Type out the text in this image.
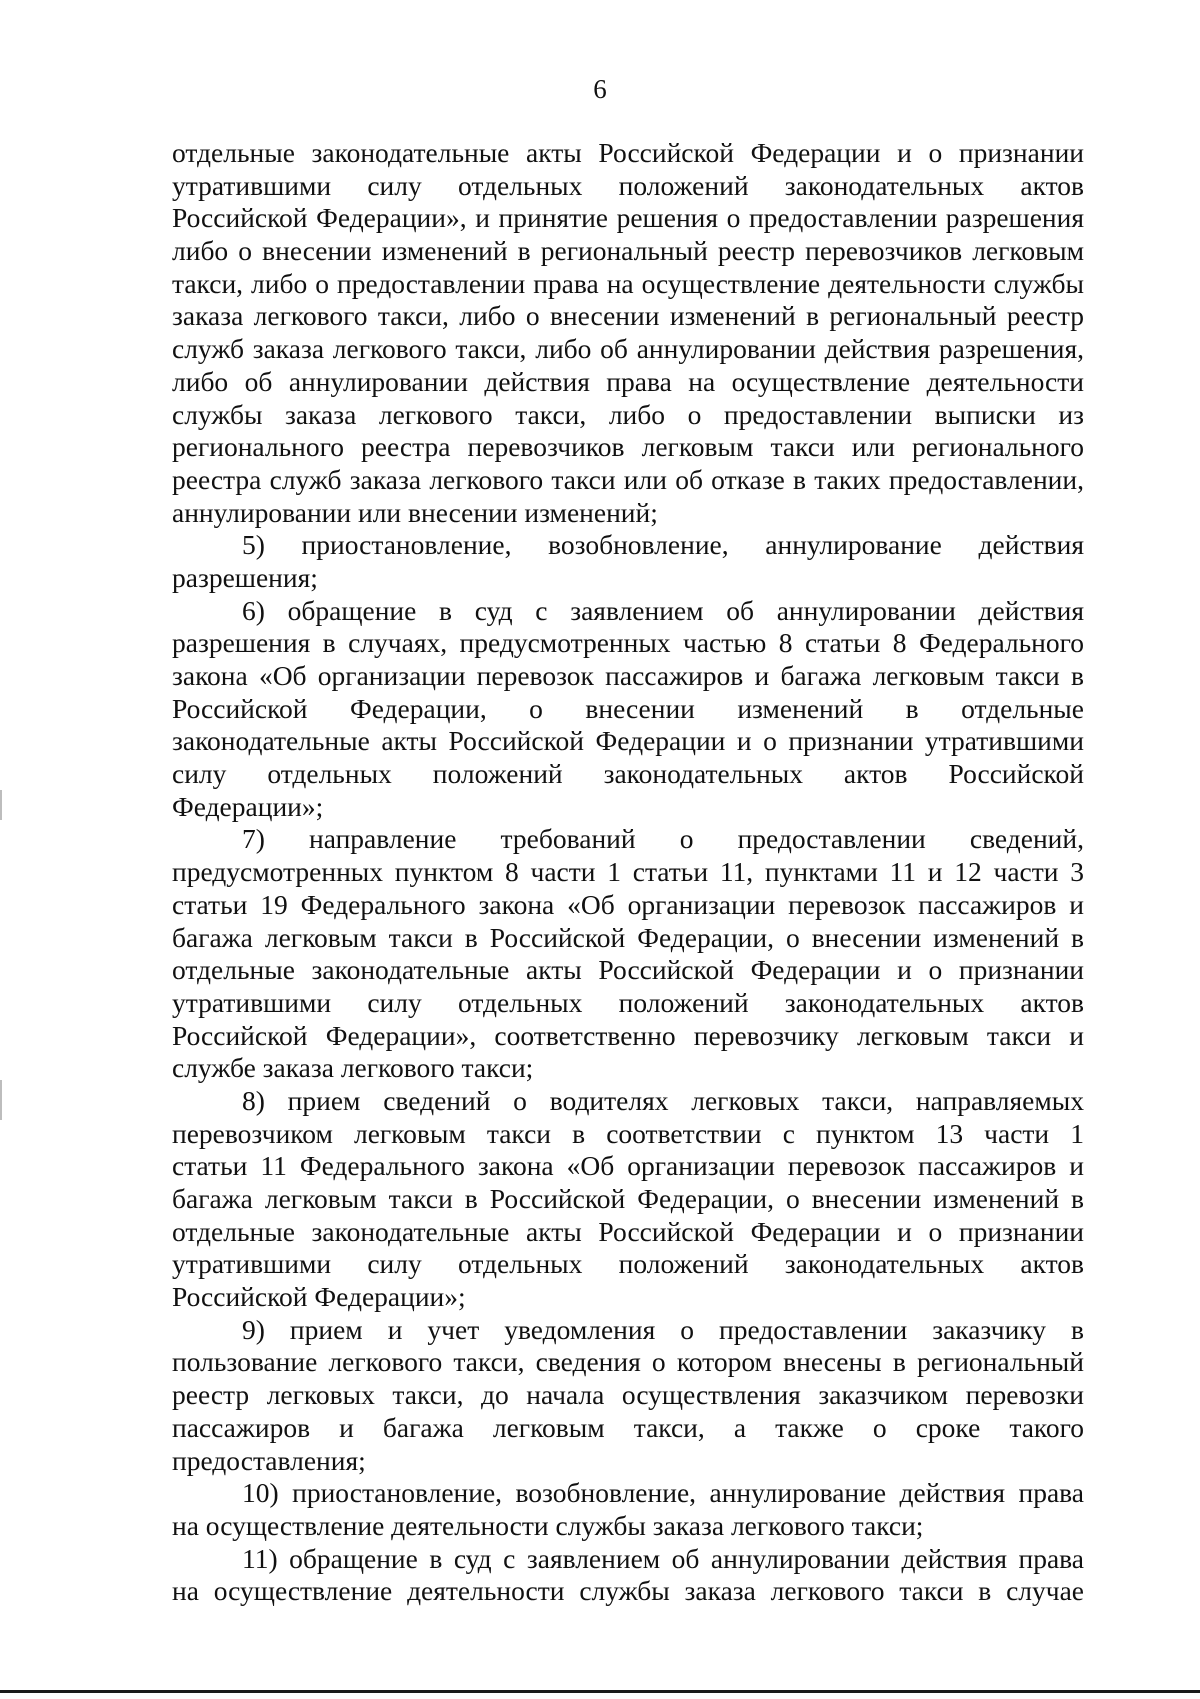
6
отдельные законодательные акты Российской Федерации и о признании
утратившими силу отдельных положений законодательных актов
Российской Федерации», и принятие решения о предоставлении разрешения
либо о внесении изменений в региональный реестр перевозчиков легковым
такси, либо о предоставлении права на осуществление деятельности службы
заказа легкового такси, либо о внесении изменений в региональный реестр
служб заказа легкового такси, либо об аннулировании действия разрешения,
либо об аннулировании действия права на осуществление деятельности
службы заказа легкового такси, либо о предоставлении выписки из
регионального реестра перевозчиков легковым такси или регионального
реестра служб заказа легкового такси или об отказе в таких предоставлении,
аннулировании или внесении изменений;
5) приостановление, возобновление, аннулирование действия
разрешения;
6) обращение в суд с заявлением об аннулировании действия
разрешения в случаях, предусмотренных частью 8 статьи 8 Федерального
закона «Об организации перевозок пассажиров и багажа легковым такси в
Российской Федерации, о внесении изменений в отдельные
законодательные акты Российской Федерации и о признании утратившими
силу отдельных положений законодательных актов Российской
Федерации»;
7) направление требований о предоставлении сведений,
предусмотренных пунктом 8 части 1 статьи 11, пунктами 11 и 12 части 3
статьи 19 Федерального закона «Об организации перевозок пассажиров и
багажа легковым такси в Российской Федерации, о внесении изменений в
отдельные законодательные акты Российской Федерации и о признании
утратившими силу отдельных положений законодательных актов
Российской Федерации», соответственно перевозчику легковым такси и
службе заказа легкового такси;
8) прием сведений о водителях легковых такси, направляемых
перевозчиком легковым такси в соответствии с пунктом 13 части 1
статьи 11 Федерального закона «Об организации перевозок пассажиров и
багажа легковым такси в Российской Федерации, о внесении изменений в
отдельные законодательные акты Российской Федерации и о признании
утратившими силу отдельных положений законодательных актов
Российской Федерации»;
9) прием и учет уведомления о предоставлении заказчику в
пользование легкового такси, сведения о котором внесены в региональный
реестр легковых такси, до начала осуществления заказчиком перевозки
пассажиров и багажа легковым такси, а также о сроке такого
предоставления;
10) приостановление, возобновление, аннулирование действия права
на осуществление деятельности службы заказа легкового такси;
11) обращение в суд с заявлением об аннулировании действия права
на осуществление деятельности службы заказа легкового такси в случае
